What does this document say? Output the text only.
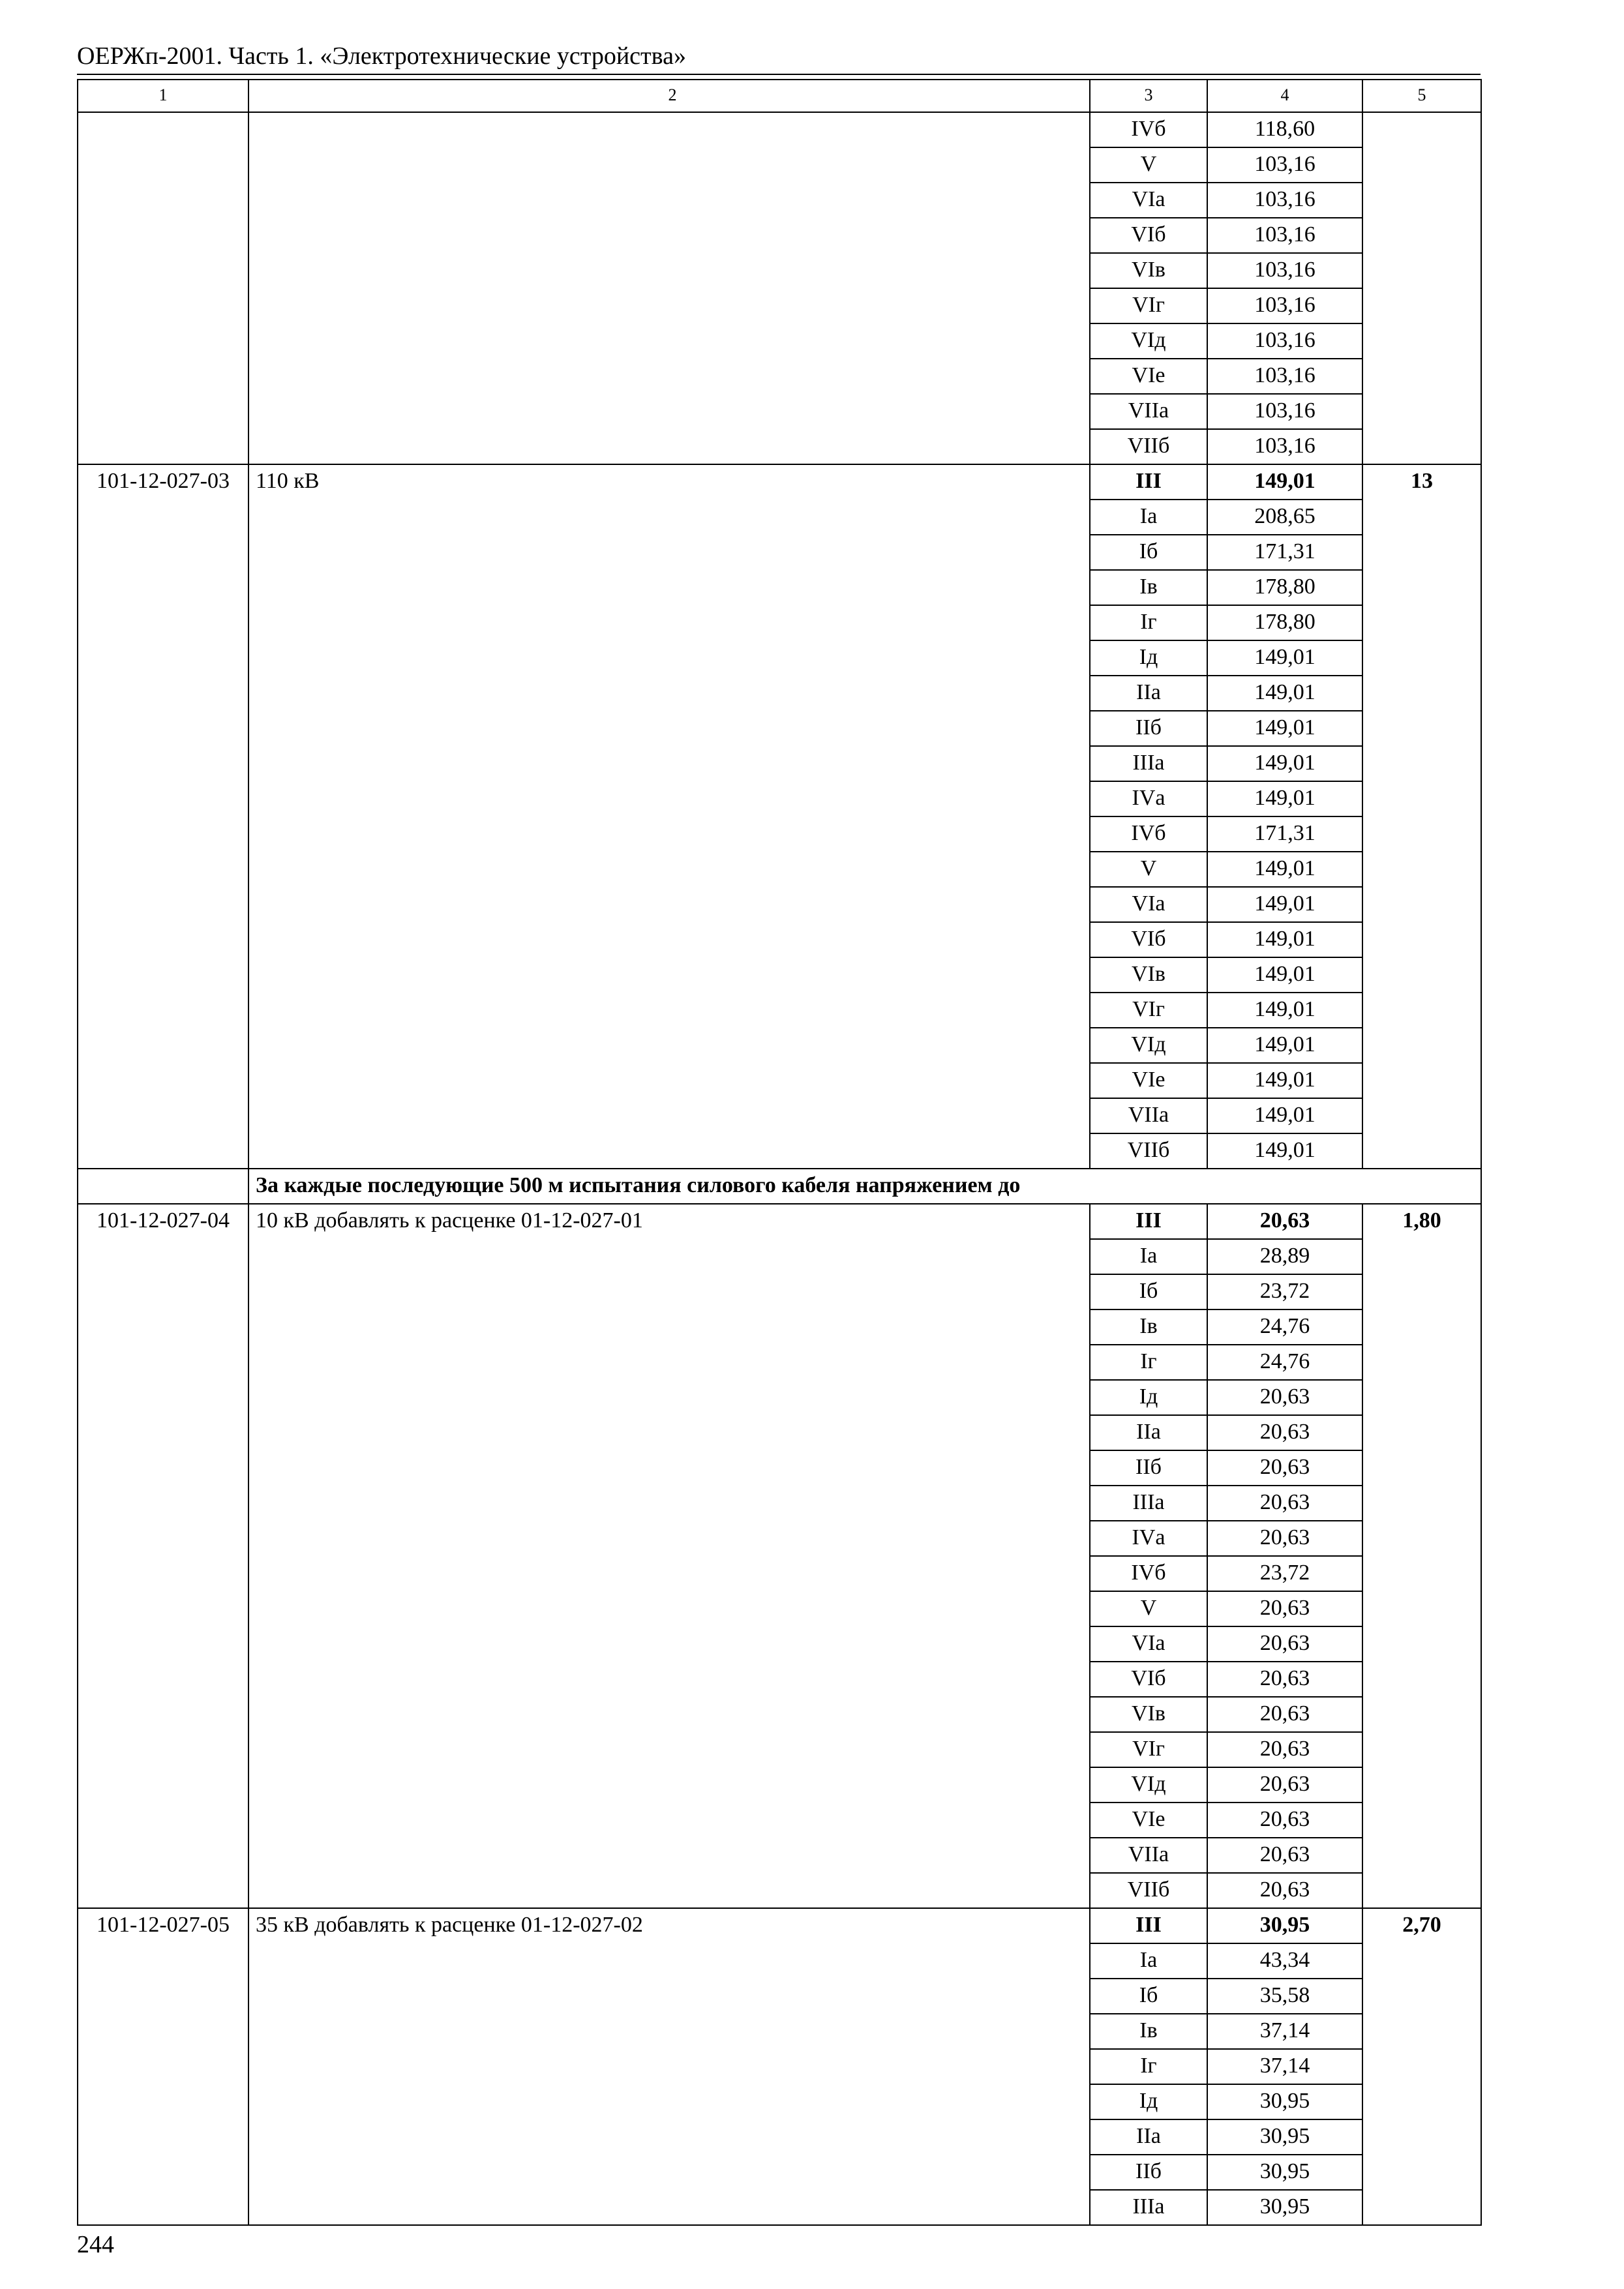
ОЕРЖп-2001. Часть 1. «Электротехнические устройства»
1	2	3	4	5
		IVб	118,60	
		V	103,16	
		VIа	103,16	
		VIб	103,16	
		VIв	103,16	
		VIг	103,16	
		VIд	103,16	
		VIе	103,16	
		VIIа	103,16	
		VIIб	103,16	
101-12-027-03	110 кВ	III	149,01	13
		Iа	208,65	
		Iб	171,31	
		Iв	178,80	
		Iг	178,80	
		Iд	149,01	
		IIа	149,01	
		IIб	149,01	
		IIIа	149,01	
		IVа	149,01	
		IVб	171,31	
		V	149,01	
		VIа	149,01	
		VIб	149,01	
		VIв	149,01	
		VIг	149,01	
		VIд	149,01	
		VIе	149,01	
		VIIа	149,01	
		VIIб	149,01	
	За каждые последующие 500 м испытания силового кабеля напряжением до			
101-12-027-04	10 кВ добавлять к расценке 01-12-027-01	III	20,63	1,80
		Iа	28,89	
		Iб	23,72	
		Iв	24,76	
		Iг	24,76	
		Iд	20,63	
		IIа	20,63	
		IIб	20,63	
		IIIа	20,63	
		IVа	20,63	
		IVб	23,72	
		V	20,63	
		VIа	20,63	
		VIб	20,63	
		VIв	20,63	
		VIг	20,63	
		VIд	20,63	
		VIе	20,63	
		VIIа	20,63	
		VIIб	20,63	
101-12-027-05	35 кВ добавлять к расценке 01-12-027-02	III	30,95	2,70
		Iа	43,34	
		Iб	35,58	
		Iв	37,14	
		Iг	37,14	
		Iд	30,95	
		IIа	30,95	
		IIб	30,95	
		IIIа	30,95	
244
